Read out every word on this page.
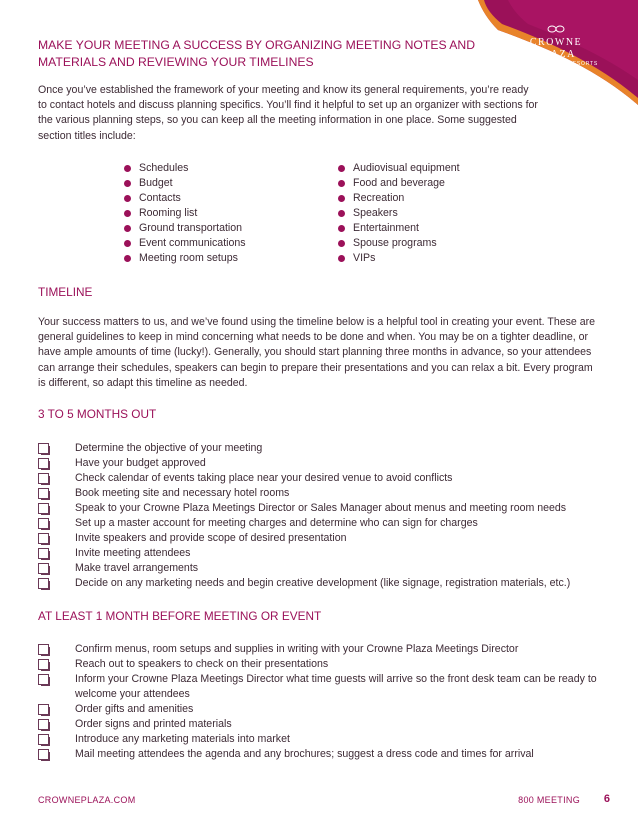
CROWNE PLAZA
HOTELS & RESORTS
MAKE YOUR MEETING A SUCCESS BY ORGANIZING MEETING NOTES AND MATERIALS AND REVIEWING YOUR TIMELINES

Once you’ve established the framework of your meeting and know its general requirements, you’re ready to contact hotels and discuss planning specifics. You’ll find it helpful to set up an organizer with sections for the various planning steps, so you can keep all the meeting information in one place. Some suggested section titles include:

Schedules
Budget
Contacts
Rooming list
Ground transportation
Event communications
Meeting room setups
Audiovisual equipment
Food and beverage
Recreation
Speakers
Entertainment
Spouse programs
VIPs
TIMELINE

Your success matters to us, and we’ve found using the timeline below is a helpful tool in creating your event. These are general guidelines to keep in mind concerning what needs to be done and when. You may be on a tighter deadline, or have ample amounts of time (lucky!). Generally, you should start planning three months in advance, so your attendees can arrange their schedules, speakers can begin to prepare their presentations and you can relax a bit. Every program is different, so adapt this timeline as needed.

3 TO 5 MONTHS OUT
Determine the objective of your meeting
Have your budget approved
Check calendar of events taking place near your desired venue to avoid conflicts
Book meeting site and necessary hotel rooms
Speak to your Crowne Plaza Meetings Director or Sales Manager about menus and meeting room needs
Set up a master account for meeting charges and determine who can sign for charges
Invite speakers and provide scope of desired presentation
Invite meeting attendees
Make travel arrangements
Decide on any marketing needs and begin creative development (like signage, registration materials, etc.)
AT LEAST 1 MONTH BEFORE MEETING OR EVENT
Confirm menus, room setups and supplies in writing with your Crowne Plaza Meetings Director
Reach out to speakers to check on their presentations
Inform your Crowne Plaza Meetings Director what time guests will arrive so the front desk team can be ready to welcome your attendees
Order gifts and amenities
Order signs and printed materials
Introduce any marketing materials into market
Mail meeting attendees the agenda and any brochures; suggest a dress code and times for arrival
CROWNEPLAZA.COM	800 MEETING 6
